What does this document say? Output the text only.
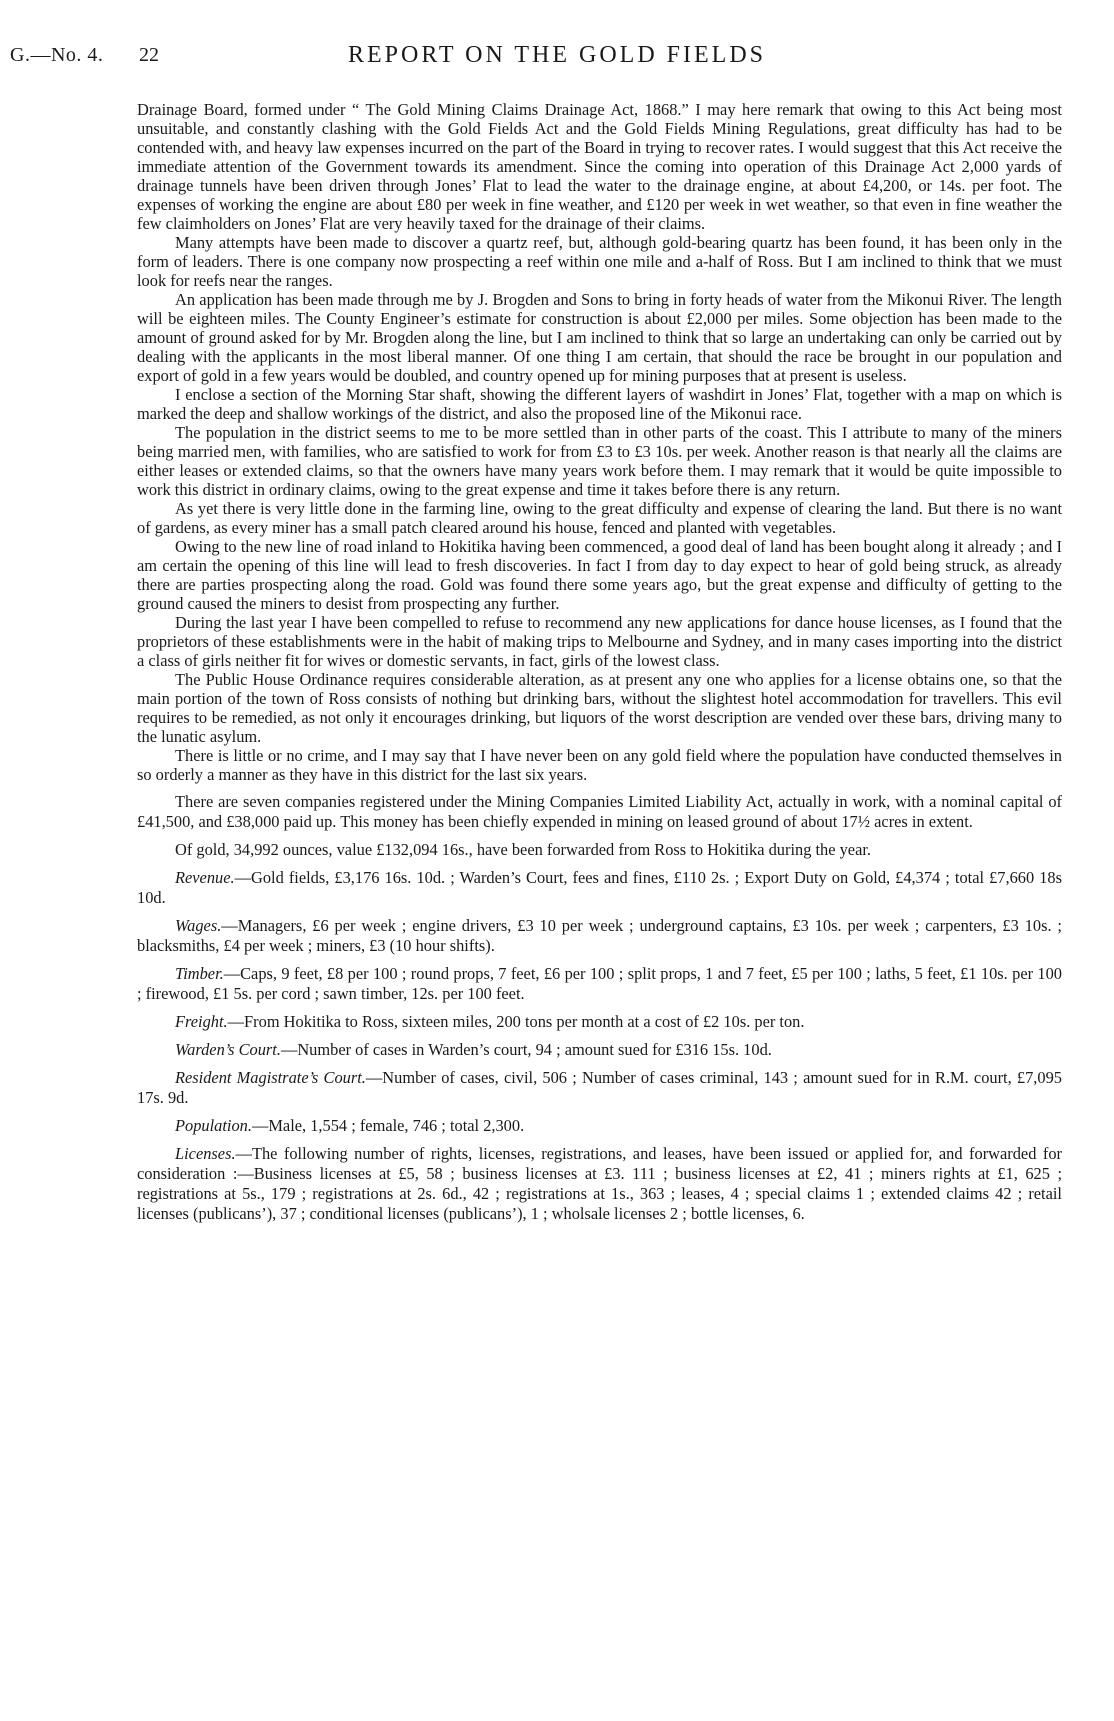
G.—No. 4. 22	REPORT ON THE GOLD FIELDS

Drainage Board, formed under “ The Gold Mining Claims Drainage Act, 1868.” I may here remark that owing to this Act being most unsuitable, and constantly clashing with the Gold Fields Act and the Gold Fields Mining Regulations, great difficulty has had to be contended with, and heavy law expenses incurred on the part of the Board in trying to recover rates. I would suggest that this Act receive the immediate attention of the Government towards its amendment. Since the coming into operation of this Drainage Act 2,000 yards of drainage tunnels have been driven through Jones’ Flat to lead the water to the drainage engine, at about £4,200, or 14s. per foot. The expenses of working the engine are about £80 per week in fine weather, and £120 per week in wet weather, so that even in fine weather the few claimholders on Jones’ Flat are very heavily taxed for the drainage of their claims.

Many attempts have been made to discover a quartz reef, but, although gold-bearing quartz has been found, it has been only in the form of leaders. There is one company now prospecting a reef within one mile and a-half of Ross. But I am inclined to think that we must look for reefs near the ranges.

An application has been made through me by J. Brogden and Sons to bring in forty heads of water from the Mikonui River. The length will be eighteen miles. The County Engineer’s estimate for construction is about £2,000 per miles. Some objection has been made to the amount of ground asked for by Mr. Brogden along the line, but I am inclined to think that so large an undertaking can only be carried out by dealing with the applicants in the most liberal manner. Of one thing I am certain, that should the race be brought in our population and export of gold in a few years would be doubled, and country opened up for mining purposes that at present is useless.

I enclose a section of the Morning Star shaft, showing the different layers of washdirt in Jones’ Flat, together with a map on which is marked the deep and shallow workings of the district, and also the proposed line of the Mikonui race.

The population in the district seems to me to be more settled than in other parts of the coast. This I attribute to many of the miners being married men, with families, who are satisfied to work for from £3 to £3 10s. per week. Another reason is that nearly all the claims are either leases or extended claims, so that the owners have many years work before them. I may remark that it would be quite impossible to work this district in ordinary claims, owing to the great expense and time it takes before there is any return.

As yet there is very little done in the farming line, owing to the great difficulty and expense of clearing the land. But there is no want of gardens, as every miner has a small patch cleared around his house, fenced and planted with vegetables.

Owing to the new line of road inland to Hokitika having been commenced, a good deal of land has been bought along it already ; and I am certain the opening of this line will lead to fresh discoveries. In fact I from day to day expect to hear of gold being struck, as already there are parties prospecting along the road. Gold was found there some years ago, but the great expense and difficulty of getting to the ground caused the miners to desist from prospecting any further.

During the last year I have been compelled to refuse to recommend any new applications for dance house licenses, as I found that the proprietors of these establishments were in the habit of making trips to Melbourne and Sydney, and in many cases importing into the district a class of girls neither fit for wives or domestic servants, in fact, girls of the lowest class.

The Public House Ordinance requires considerable alteration, as at present any one who applies for a license obtains one, so that the main portion of the town of Ross consists of nothing but drinking bars, without the slightest hotel accommodation for travellers. This evil requires to be remedied, as not only it encourages drinking, but liquors of the worst description are vended over these bars, driving many to the lunatic asylum.

There is little or no crime, and I may say that I have never been on any gold field where the population have conducted themselves in so orderly a manner as they have in this district for the last six years.

There are seven companies registered under the Mining Companies Limited Liability Act, actually in work, with a nominal capital of £41,500, and £38,000 paid up. This money has been chiefly expended in mining on leased ground of about 17½ acres in extent.

Of gold, 34,992 ounces, value £132,094 16s., have been forwarded from Ross to Hokitika during the year.

Revenue.—Gold fields, £3,176 16s. 10d. ; Warden’s Court, fees and fines, £110 2s. ; Export Duty on Gold, £4,374 ; total £7,660 18s 10d.

Wages.—Managers, £6 per week ; engine drivers, £3 10 per week ; underground captains, £3 10s. per week ; carpenters, £3 10s. ; blacksmiths, £4 per week ; miners, £3 (10 hour shifts).

Timber.—Caps, 9 feet, £8 per 100 ; round props, 7 feet, £6 per 100 ; split props, 1 and 7 feet, £5 per 100 ; laths, 5 feet, £1 10s. per 100 ; firewood, £1 5s. per cord ; sawn timber, 12s. per 100 feet.

Freight.—From Hokitika to Ross, sixteen miles, 200 tons per month at a cost of £2 10s. per ton.

Warden’s Court.—Number of cases in Warden’s court, 94 ; amount sued for £316 15s. 10d.

Resident Magistrate’s Court.—Number of cases, civil, 506 ; Number of cases criminal, 143 ; amount sued for in R.M. court, £7,095 17s. 9d.

Population.—Male, 1,554 ; female, 746 ; total 2,300.

Licenses.—The following number of rights, licenses, registrations, and leases, have been issued or applied for, and forwarded for consideration :—Business licenses at £5, 58 ; business licenses at £3. 111 ; business licenses at £2, 41 ; miners rights at £1, 625 ; registrations at 5s., 179 ; registrations at 2s. 6d., 42 ; registrations at 1s., 363 ; leases, 4 ; special claims 1 ; extended claims 42 ; retail licenses (publicans’), 37 ; conditional licenses (publicans’), 1 ; wholsale licenses 2 ; bottle licenses, 6.
